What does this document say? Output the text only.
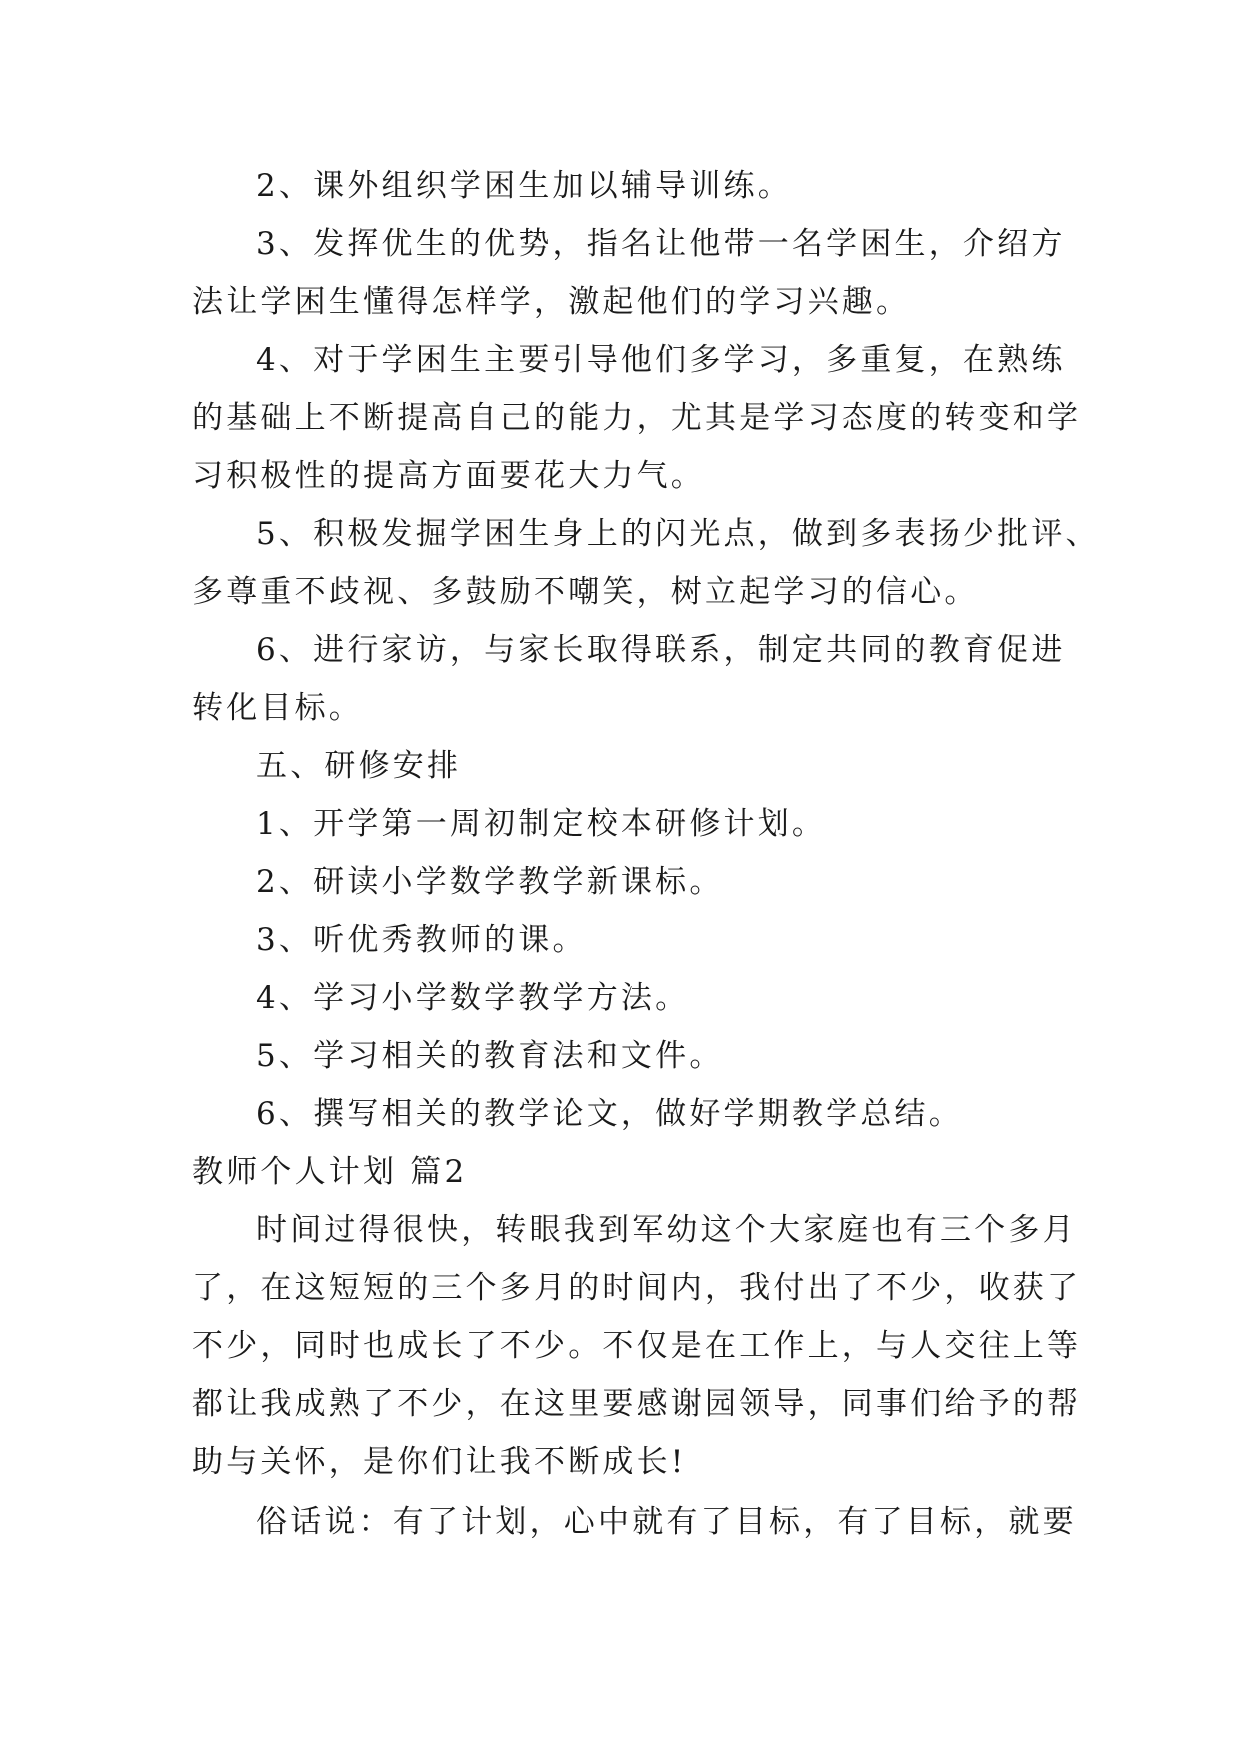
2、课外组织学困生加以辅导训练。
3、发挥优生的优势，指名让他带一名学困生，介绍方
法让学困生懂得怎样学，激起他们的学习兴趣。
4、对于学困生主要引导他们多学习，多重复，在熟练
的基础上不断提高自己的能力，尤其是学习态度的转变和学
习积极性的提高方面要花大力气。
5、积极发掘学困生身上的闪光点，做到多表扬少批评、
多尊重不歧视、多鼓励不嘲笑，树立起学习的信心。
6、进行家访，与家长取得联系，制定共同的教育促进
转化目标。
五、研修安排
1、开学第一周初制定校本研修计划。
2、研读小学数学教学新课标。
3、听优秀教师的课。
4、学习小学数学教学方法。
5、学习相关的教育法和文件。
6、撰写相关的教学论文，做好学期教学总结。
教师个人计划 篇2
时间过得很快，转眼我到军幼这个大家庭也有三个多月
了，在这短短的三个多月的时间内，我付出了不少，收获了
不少，同时也成长了不少。不仅是在工作上，与人交往上等
都让我成熟了不少，在这里要感谢园领导，同事们给予的帮
助与关怀，是你们让我不断成长!
俗话说：有了计划，心中就有了目标，有了目标，就要
